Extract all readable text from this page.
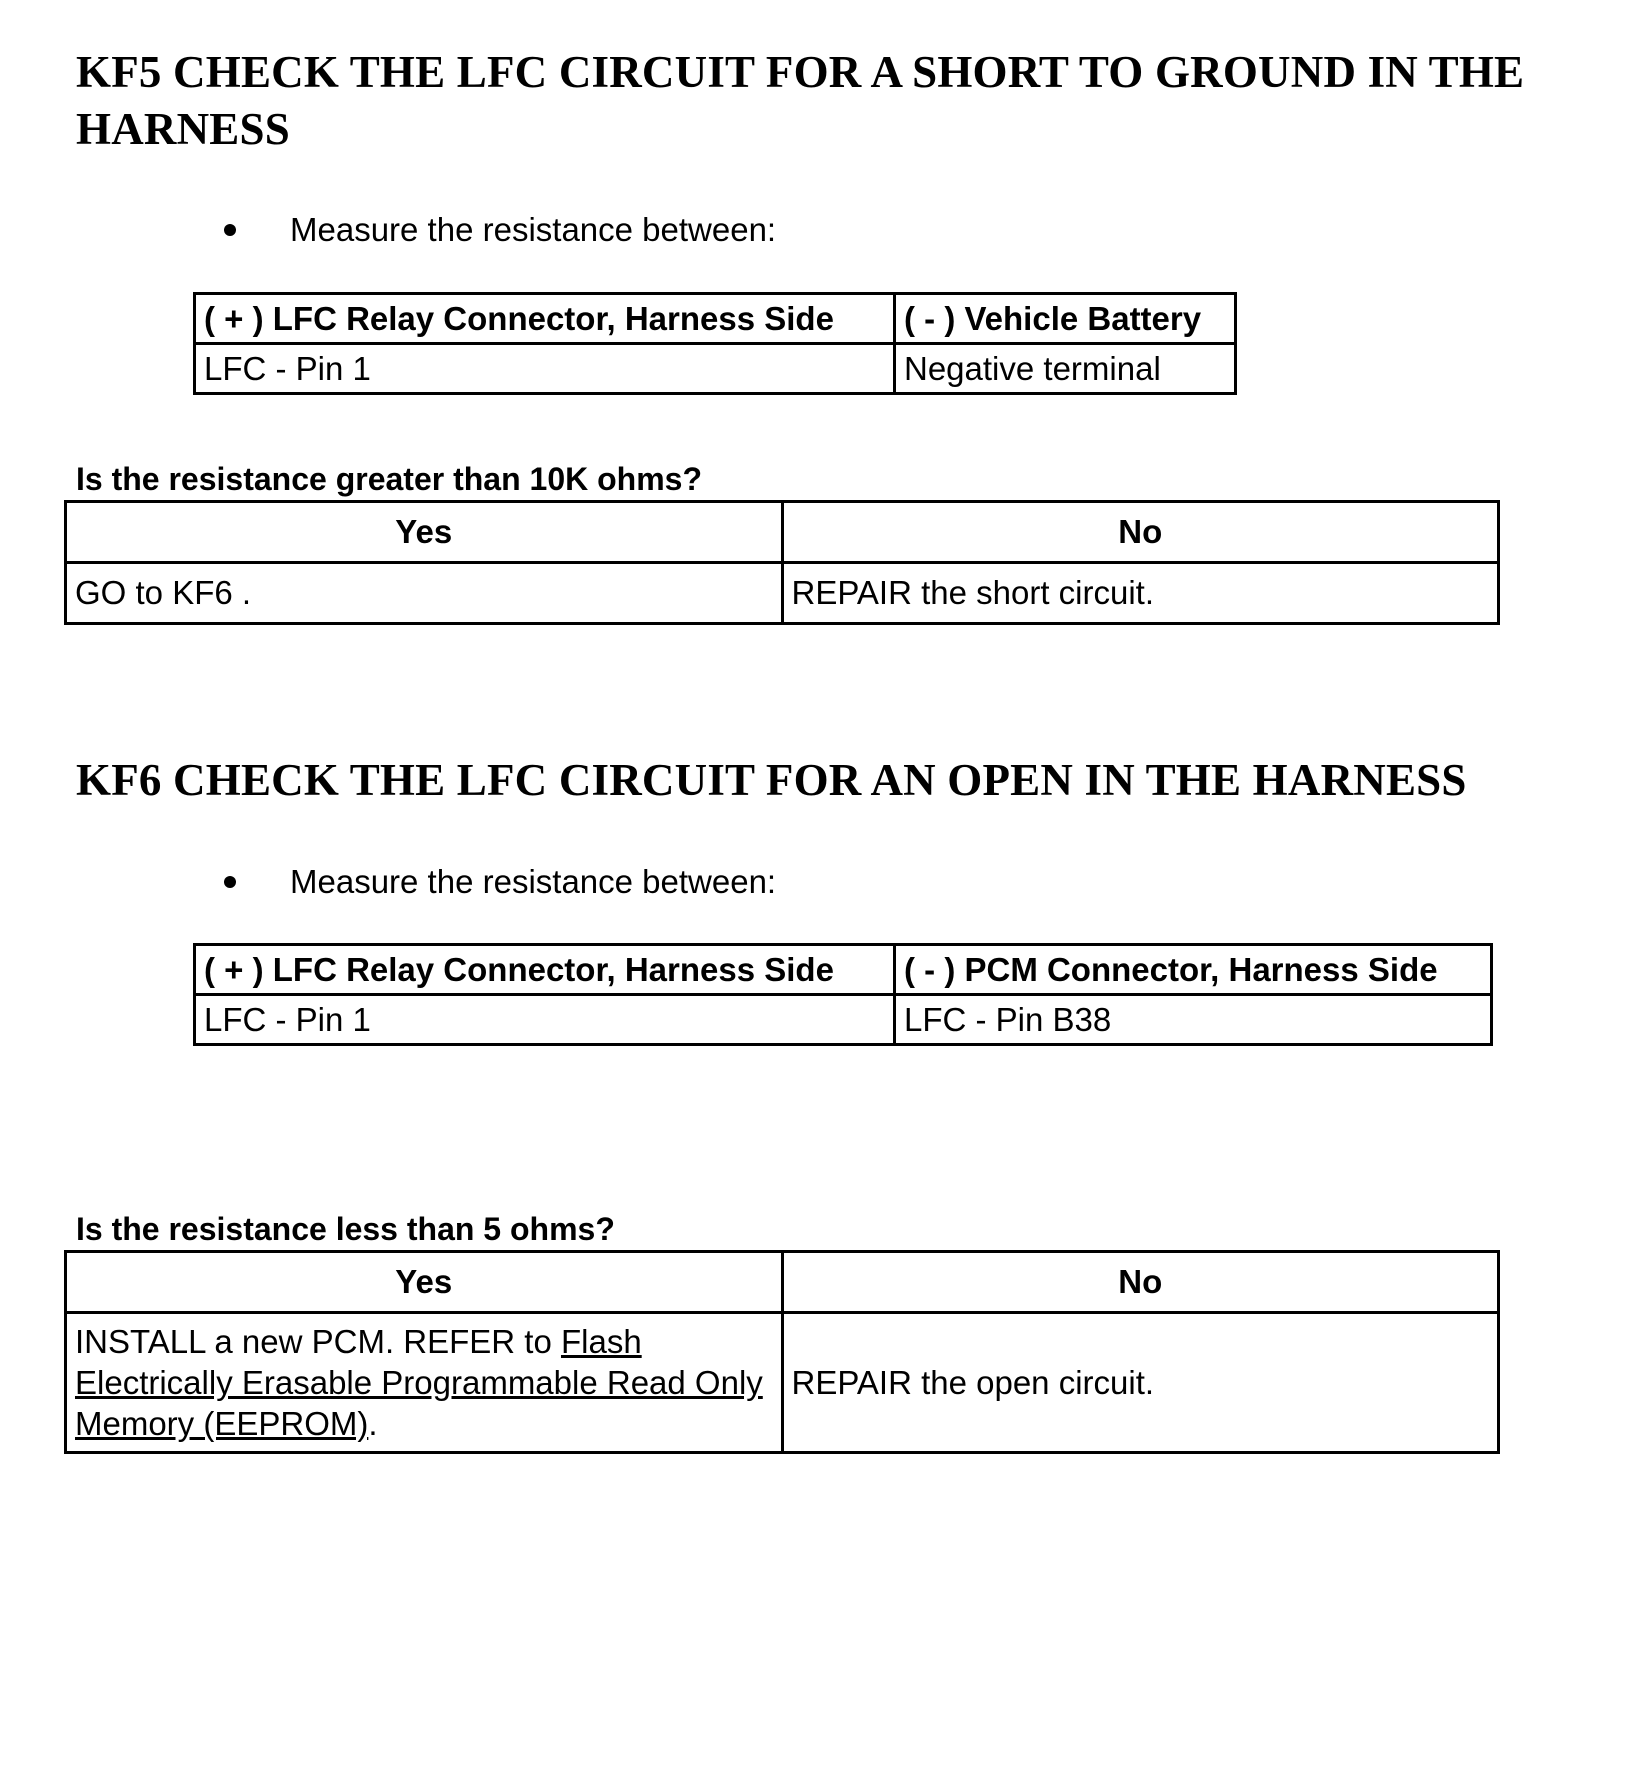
KF5 CHECK THE LFC CIRCUIT FOR A SHORT TO GROUND IN THE HARNESS

Measure the resistance between:

( + ) LFC Relay Connector, Harness Side	( - ) Vehicle Battery
LFC - Pin 1	Negative terminal

Is the resistance greater than 10K ohms?

Yes	No
GO to KF6 .	REPAIR the short circuit.
KF6 CHECK THE LFC CIRCUIT FOR AN OPEN IN THE HARNESS

Measure the resistance between:

( + ) LFC Relay Connector, Harness Side	( - ) PCM Connector, Harness Side
LFC - Pin 1	LFC - Pin B38

Is the resistance less than 5 ohms?

Yes	No
INSTALL a new PCM. REFER to Flash Electrically Erasable Programmable Read Only Memory (EEPROM).	REPAIR the open circuit.
